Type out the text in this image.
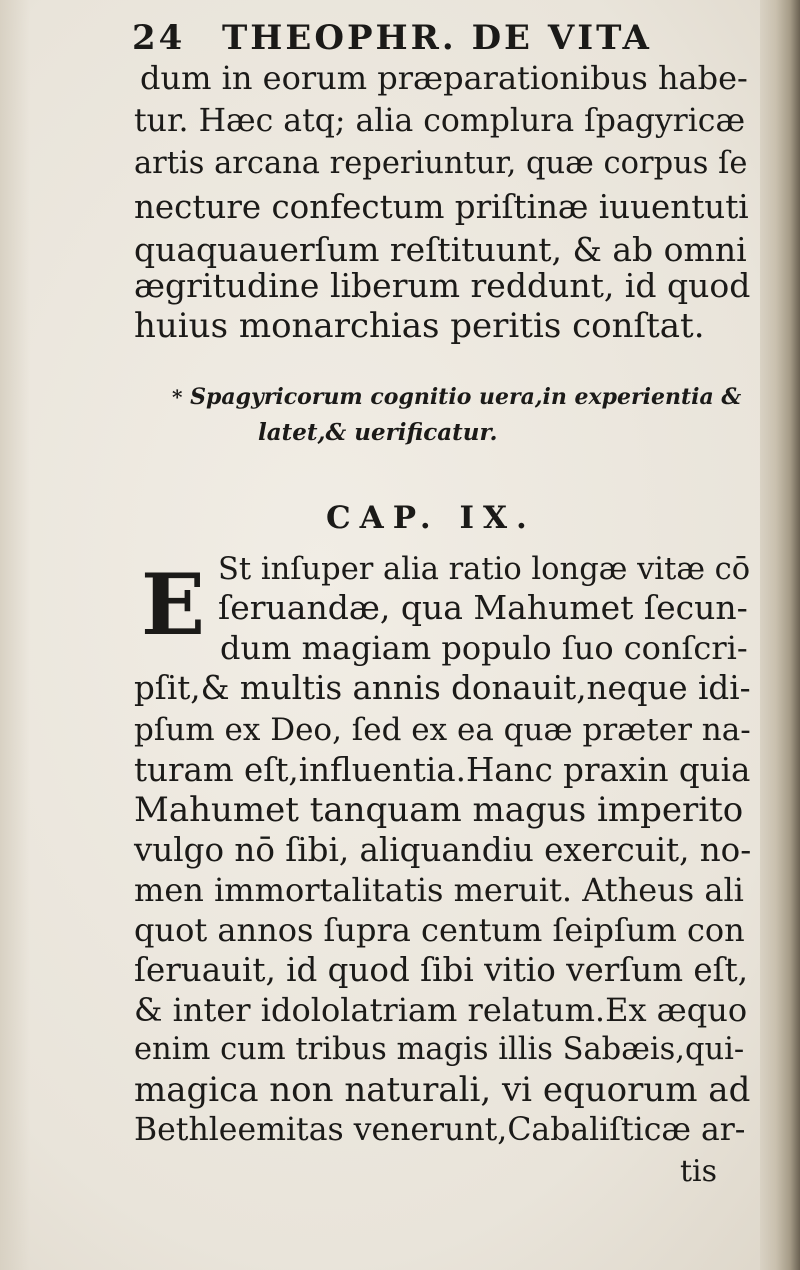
24 THEOPHR. DE VITA
dum in eorum præparationibus habe-
tur. Hæc atq; alia complura ſpagyricæ
artis arcana reperiuntur, quæ corpus ſe
necture confectum priſtinæ iuuentuti
quaquauerſum reſtituunt, & ab omni
ægritudine liberum reddunt, id quod
huius monarchias peritis conſtat.
* Spagyricorum cognitio uera,in experientia &
latet,& uerificatur.
CAP. IX.
E St inſuper alia ratio longæ vitæ cō
ſeruandæ, qua Mahumet ſecun-
dum magiam populo ſuo conſcri-
pſit,& multis annis donauit,neque idi-
pſum ex Deo, ſed ex ea quæ præter na-
turam eſt,influentia.Hanc praxin quia
Mahumet tanquam magus imperito
vulgo nō ſibi, aliquandiu exercuit, no-
men immortalitatis meruit. Atheus ali
quot annos ſupra centum ſeipſum con
ſeruauit, id quod ſibi vitio verſum eſt,
& inter idololatriam relatum.Ex æquo
enim cum tribus magis illis Sabæis,qui-
magica non naturali, vi equorum ad
Bethleemitas venerunt,Cabaliſticæ ar-
tis
